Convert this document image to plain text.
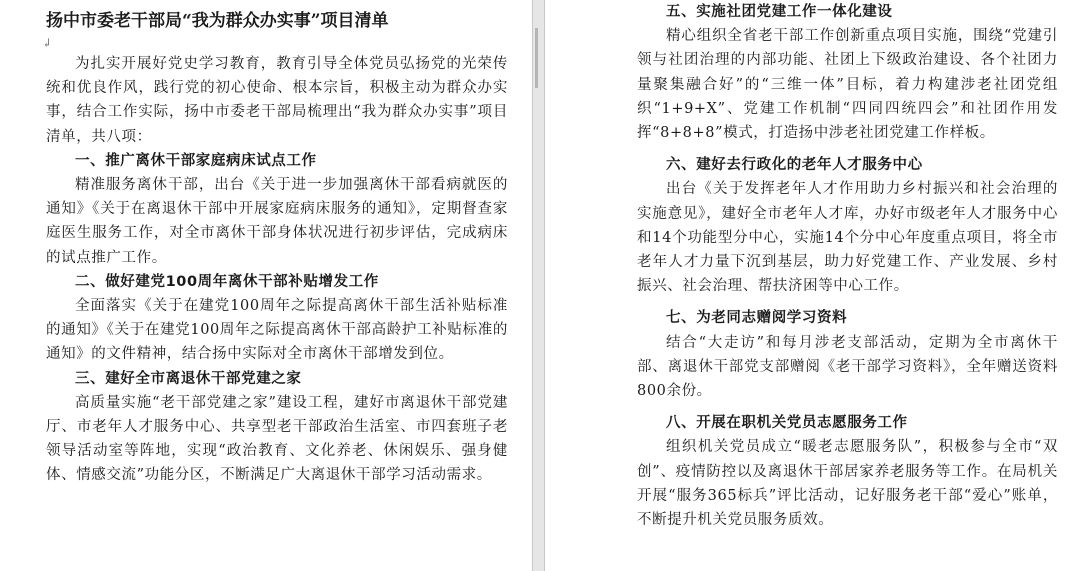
扬中市委老干部局“我为群众办实事”项目清单
↲

为扎实开展好党史学习教育，教育引导全体党员弘扬党的光荣传统和优良作风，践行党的初心使命、根本宗旨，积极主动为群众办实事，结合工作实际，扬中市委老干部局梳理出“我为群众办实事”项目清单，共八项：

一、推广离休干部家庭病床试点工作

精准服务离休干部，出台《关于进一步加强离休干部看病就医的通知》《关于在离退休干部中开展家庭病床服务的通知》，定期督查家庭医生服务工作，对全市离休干部身体状况进行初步评估，完成病床的试点推广工作。

二、做好建党100周年离休干部补贴增发工作

全面落实《关于在建党100周年之际提高离休干部生活补贴标准的通知》《关于在建党100周年之际提高离休干部高龄护工补贴标准的通知》的文件精神，结合扬中实际对全市离休干部增发到位。

三、建好全市离退休干部党建之家

高质量实施“老干部党建之家”建设工程，建好市离退休干部党建厅、市老年人才服务中心、共享型老干部政治生活室、市四套班子老领导活动室等阵地，实现“政治教育、文化养老、休闲娱乐、强身健体、情感交流”功能分区，不断满足广大离退休干部学习活动需求。

五、实施社团党建工作一体化建设

精心组织全省老干部工作创新重点项目实施，围绕“党建引领与社团治理的内部功能、社团上下级政治建设、各个社团力量聚集融合好”的“三维一体”目标，着力构建涉老社团党组织“1+9+X”、党建工作机制“四同四统四会”和社团作用发挥“8+8+8”模式，打造扬中涉老社团党建工作样板。

六、建好去行政化的老年人才服务中心

出台《关于发挥老年人才作用助力乡村振兴和社会治理的实施意见》，建好全市老年人才库，办好市级老年人才服务中心和14个功能型分中心，实施14个分中心年度重点项目，将全市老年人才力量下沉到基层，助力好党建工作、产业发展、乡村振兴、社会治理、帮扶济困等中心工作。

七、为老同志赠阅学习资料

结合“大走访”和每月涉老支部活动，定期为全市离休干部、离退休干部党支部赠阅《老干部学习资料》，全年赠送资料800余份。

八、开展在职机关党员志愿服务工作

组织机关党员成立“暖老志愿服务队”，积极参与全市“双创”、疫情防控以及离退休干部居家养老服务等工作。在局机关开展“服务365标兵”评比活动，记好服务老干部“爱心”账单，不断提升机关党员服务质效。
